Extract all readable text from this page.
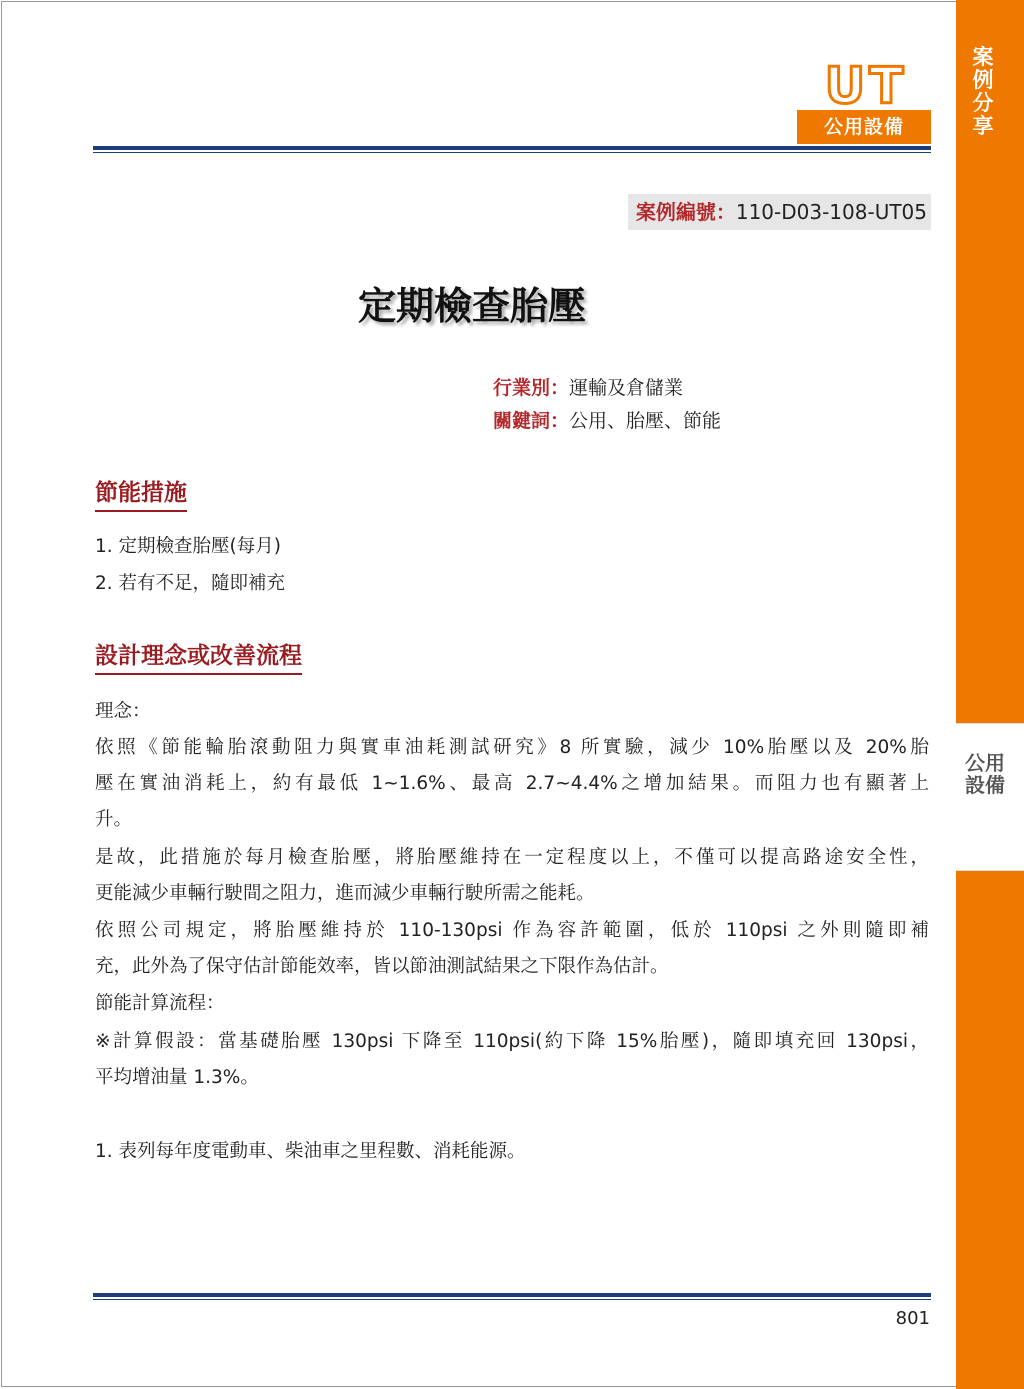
案例分享
公用設備
UT
公用設備
案例編號：110-D03-108-UT05
定期檢查胎壓
行業別：運輸及倉儲業
關鍵詞：公用、胎壓、節能
節能措施
1. 定期檢查胎壓(每月)
2. 若有不足，隨即補充
設計理念或改善流程
理念：
依照《節能輪胎滾動阻力與實車油耗測試研究》8 所實驗，減少 10%胎壓以及 20%胎
壓在實油消耗上，約有最低 1~1.6%、最高 2.7~4.4%之增加結果。而阻力也有顯著上
升。
是故，此措施於每月檢查胎壓，將胎壓維持在一定程度以上，不僅可以提高路途安全性，
更能減少車輛行駛間之阻力，進而減少車輛行駛所需之能耗。
依照公司規定，將胎壓維持於 110-130psi 作為容許範圍，低於 110psi 之外則隨即補
充，此外為了保守估計節能效率，皆以節油測試結果之下限作為估計。
節能計算流程：
※計算假設：當基礎胎壓 130psi 下降至 110psi(約下降 15%胎壓)，隨即填充回 130psi，
平均增油量 1.3%。
1. 表列每年度電動車、柴油車之里程數、消耗能源。
801
